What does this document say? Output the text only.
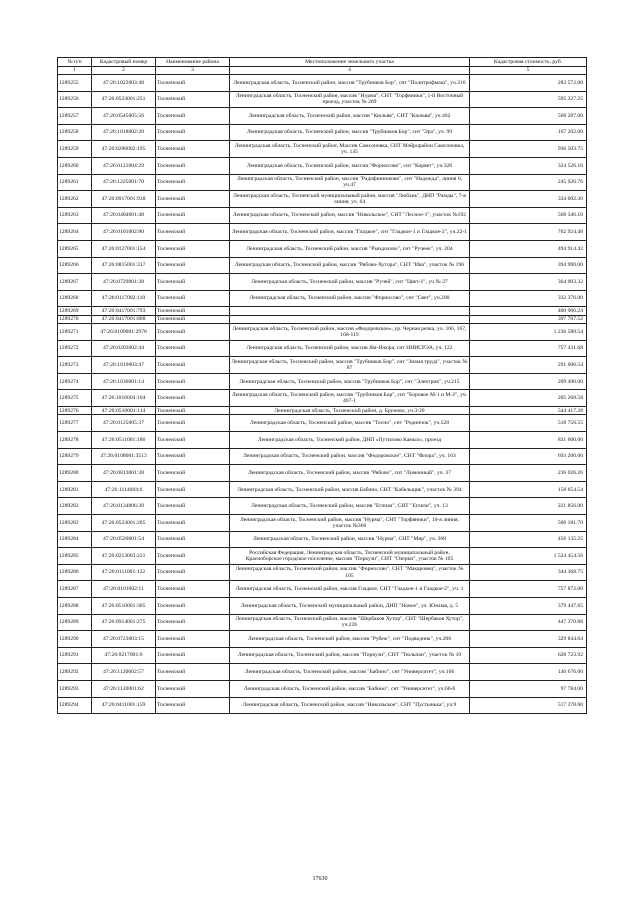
№ п/п	Кадастровый номер	Наименование района	Местоположение земельного участка	Кадастровая стоимость, руб.
1	2	3	4	5
1289255	47:26:1022003:48	Тосненский	Ленинградская область, Тосненский район, массив "Трубников Бор", снт "Политрофмаш", уч.316	283 572.00
1289256	47:26:0523001:251	Тосненский	Ленинградская область, Тосненский район, массив "Нурма", СНТ "Торфяники", 1-й Восточный проезд, участок № 269	595 327.25
1289257	47:26:0545005:56	Тосненский	Ленинградская область, Тосненский район, массив "Кюльвя", СНТ "Кюльвя", уч.402	568 287.00
1289258	47:26:1018002:20	Тосненский	Ленинградская область, Тосненский район, массив "Трубников Бор", снт "Эра", уч. 99	167 202.00
1289259	47:26:0206002:195	Тосненский	Ленинградская область, Тосненский район, Массив Самсоновка, СНТ Мэйрорайон Самсоновка, уч. 145	936 503.75
1289260	47:26:0121004:29	Тосненский	Ленинградская область, Тосненский район, массив "Форносово", снт "Корвет", уч.328	324 526.16
1289261	47:26:1225001:70	Тосненский	Ленинградская область, Тосненский район, массив "Радофинниково", снт "Надежда", линия 6, уч.47	245 926.76
1289262	47:26:0917001:938	Тосненский	Ленинградская область, Тосненский муниципальный район, массив "Любань", ДНП "Рамды", 7-я линия, уч. 64	334 002.30
1289263	47:26:0404001:48	Тосненский	Ленинградская область, Тосненский район, массив "Никольское", СНТ "Лесное-1", участок №192	568 346.10
1289264	47:26:0101002:80	Тосненский	Ленинградская область, Тосненский район, массив "Гладкое", снт "Гладкое-1 и Гладкое-2", уч.22-1	762 924.48
1289265	47:26:0127001:154	Тосненский	Ленинградская область, Тосненский район, массив "Рындолово", снт "Ручеек", уч. 204	494 914.42
1289266	47:26:0815001:317	Тосненский	Ленинградская область, Тосненский район, массив "Рябово-Хутора", СНТ "Ива", участок № 196	394 990.00
1289267	47:26:0729001:38	Тосненский	Ленинградская область, Тосненский район, массив "Ручей", снт "Цвет-1", уч № 27	364 003.32
1289268	47:26:0117002:110	Тосненский	Ленинградская область, Тосненский район, массив "Форносово", снт "Свет", уч.200	332 376.00
1289269	47:26:0417001:793	Тосненский		400 906.24
1289270	47:26:0417001:808	Тосненский		397 707.52
1289271	47:26:0109001:2978	Тосненский	Ленинградская область, Тосненский район, массив «Федоровское», ур. Черная речка, уч. 166, 167, 168-119	1 236 588.54
1289272	47:26:0203002:44	Тосненский	Ленинградская область, Тосненский район, массив Ям-Ижора, снт НИИСРЭА, уч. 122	757 431.68
1289273	47:26:1019003:47	Тосненский	Ленинградская область, Тосненский район, массив "Трубников Бор", снт "Знамя труда", участок № 87	291 606.54
1289274	47:26:1036001:14	Тосненский	Ленинградская область, Тосненский район, массив "Трубников Бор", снт "Электрик", уч.215	209 490.00
1289275	47:26:1016004:104	Тосненский	Ленинградская область, Тосненский район, массив "Трубников Бор", снт "Боровое М-1 и М-2", уч. 467-1	205 268.58
1289276	47:26:0510001:114	Тосненский	Ленинградская область, Тосненский район, д. Бруново, уч.3-20	544 417.28
1289277	47:26:0125005:37	Тосненский	Ленинградская область, Тосненский район, массив "Тосно", снт "Родничок", уч.528	518 756.55
1289278	47:26:0511001:186	Тосненский	Ленинградская область, Тосненский район, ДНП «Путилово Камыл», проезд	831 600.00
1289279	47:26:0108001:3513	Тосненский	Ленинградская область, Тосненский район, массив "Федоровское", СНТ "Флора", уч. 163	693 200.00
1289280	47:26:0813001:38	Тосненский	Ленинградская область, Тосненский район, массив "Рябово", снт "Лимонный", уч. 37	236 026.26
1289281	47:26:1114004:6	Тосненский	Ленинградская область, Тосненский район, массив Бабино, СНТ "Кабельщик", участок № 394	158 654.54
1289282	47:26:0134006:30	Тосненский	Ленинградская область, Тосненский район, массив "Еглизи", СНТ "Еглизи", уч. 13	221 856.00
1289283	47:26:0523001:205	Тосненский	Ленинградская область, Тосненский район, массив "Нурма", СНТ "Торфяники", 10-я линия, участок №366	506 181.70
1289284	47:26:0520001:54	Тосненский	Ленинградская область, Тосненский район, массив "Нурма", СНТ "Мир", уч. 368	456 135.25
1289285	47:26:0213003:221	Тосненский	Российская Федерация, Ленинградская область, Тосненский муниципальный район, Красноборское городское поселение, массив "Поркузи", СНТ "Озерки", участок № 105	1 524 454.56
1289286	47:26:0111001:122	Тосненский	Ленинградская область, Тосненский район, массив "Форносово", СНТ "Макаровец", участок № 105	344 368.75
1289287	47:26:0101002:11	Тосненский	Ленинградская область, Тосненский район, массив Гладкое, СНТ "Гладкое-1 и Гладкое-2", уч. 1	757 872.00
1289288	47:26:0510001:305	Тосненский	Ленинградская область, Тосненский муниципальный район, ДНП "Новое", ул. Южная, д. 5	379 447.65
1289289	47:26:0914001:275	Тосненский	Ленинградская область, Тосненский район, массив "Шербаков Хутор", СНТ "Шербаков Хутор", уч.226	447 370.88
1289290	47:26:0723003:15	Тосненский	Ленинградская область, Тосненский район, массив "Рубеж", снт "Подводник", уч.206	329 844.64
1289291	47:26:0217001:6	Тосненский	Ленинградская область, Тосненский район, массив "Поркузи", СНТ "Тюльпан", участок № 10	628 723.92
1289292	47:26:1120002:57	Тосненский	Ленинградская область, Тосненский район, массив "Бабино", снт "Университет", уч.166	146 676.00
1289293	47:26:1120001:62	Тосненский	Ленинградская область, Тосненский район, массив "Бабино", снт "Университет", уч.60-б	97 784.00
1289294	47:26:0411001:159	Тосненский	Ленинградская область, Тосненский район, массив "Никольское", СНТ "Пустынька", уч.9	517 378.80
17630
